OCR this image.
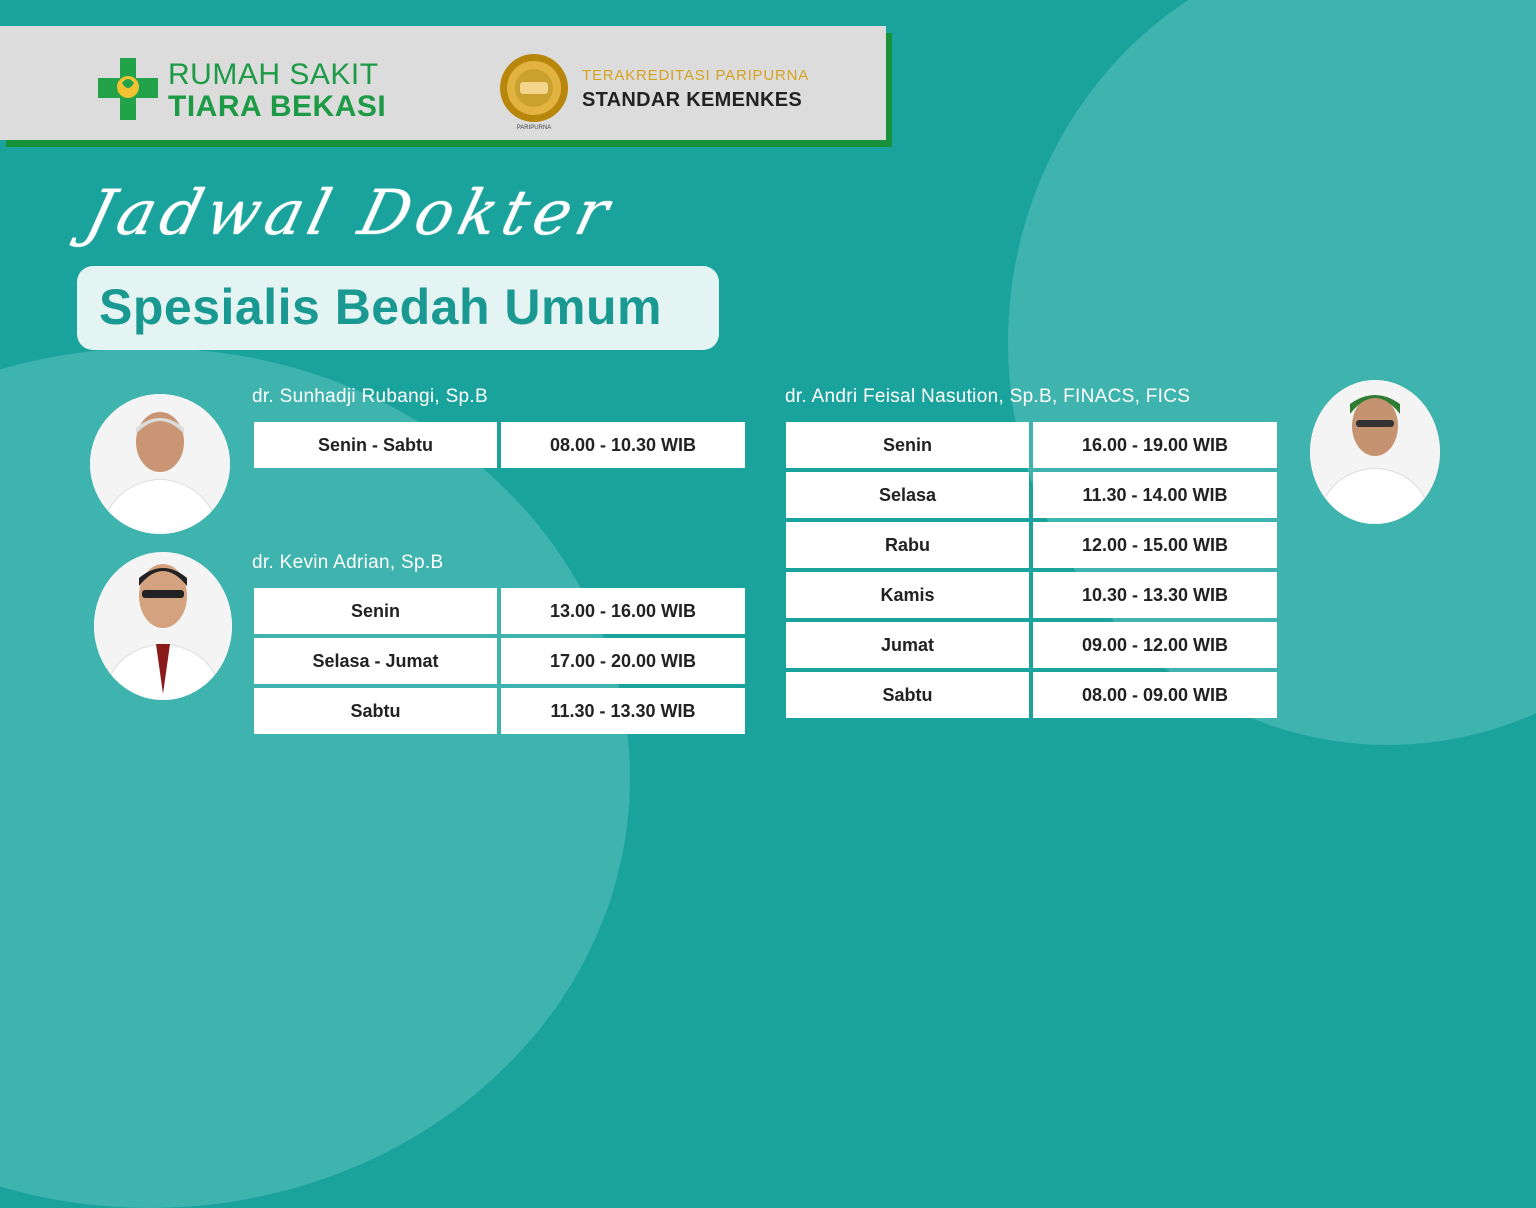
RUMAH SAKIT
TIARA BEKASI
PARIPURNA
TERAKREDITASI PARIPURNA
STANDAR KEMENKES
Jadwal Dokter
Spesialis Bedah Umum
dr. Sunhadji Rubangi, Sp.B
Senin - Sabtu	08.00 - 10.30 WIB
dr. Kevin Adrian, Sp.B
Senin	13.00 - 16.00 WIB
Selasa - Jumat	17.00 - 20.00 WIB
Sabtu	11.30 - 13.30 WIB
dr. Andri Feisal Nasution, Sp.B, FINACS, FICS
Senin	16.00 - 19.00 WIB
Selasa	11.30 - 14.00 WIB
Rabu	12.00 - 15.00 WIB
Kamis	10.30 - 13.30 WIB
Jumat	09.00 - 12.00 WIB
Sabtu	08.00 - 09.00 WIB
